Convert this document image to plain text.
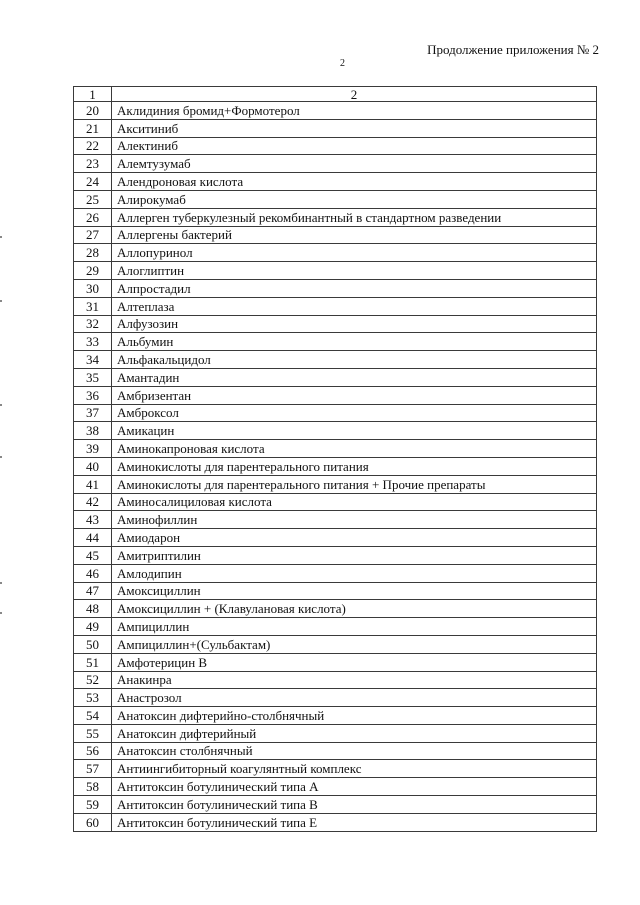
Продолжение приложения № 2
2
1	2
20	Аклидиния бромид+Формотерол
21	Акситиниб
22	Алектиниб
23	Алемтузумаб
24	Алендроновая кислота
25	Алирокумаб
26	Аллерген туберкулезный рекомбинантный в стандартном разведении
27	Аллергены бактерий
28	Аллопуринол
29	Алоглиптин
30	Алпростадил
31	Алтеплаза
32	Алфузозин
33	Альбумин
34	Альфакальцидол
35	Амантадин
36	Амбризентан
37	Амброксол
38	Амикацин
39	Аминокапроновая кислота
40	Аминокислоты для парентерального питания
41	Аминокислоты для парентерального питания + Прочие препараты
42	Аминосалициловая кислота
43	Аминофиллин
44	Амиодарон
45	Амитриптилин
46	Амлодипин
47	Амоксициллин
48	Амоксициллин + (Клавулановая кислота)
49	Ампициллин
50	Ампициллин+(Сульбактам)
51	Амфотерицин B
52	Анакинра
53	Анастрозол
54	Анатоксин дифтерийно-столбнячный
55	Анатоксин дифтерийный
56	Анатоксин столбнячный
57	Антиингибиторный коагулянтный комплекс
58	Антитоксин ботулинический типа А
59	Антитоксин ботулинический типа В
60	Антитоксин ботулинический типа Е
